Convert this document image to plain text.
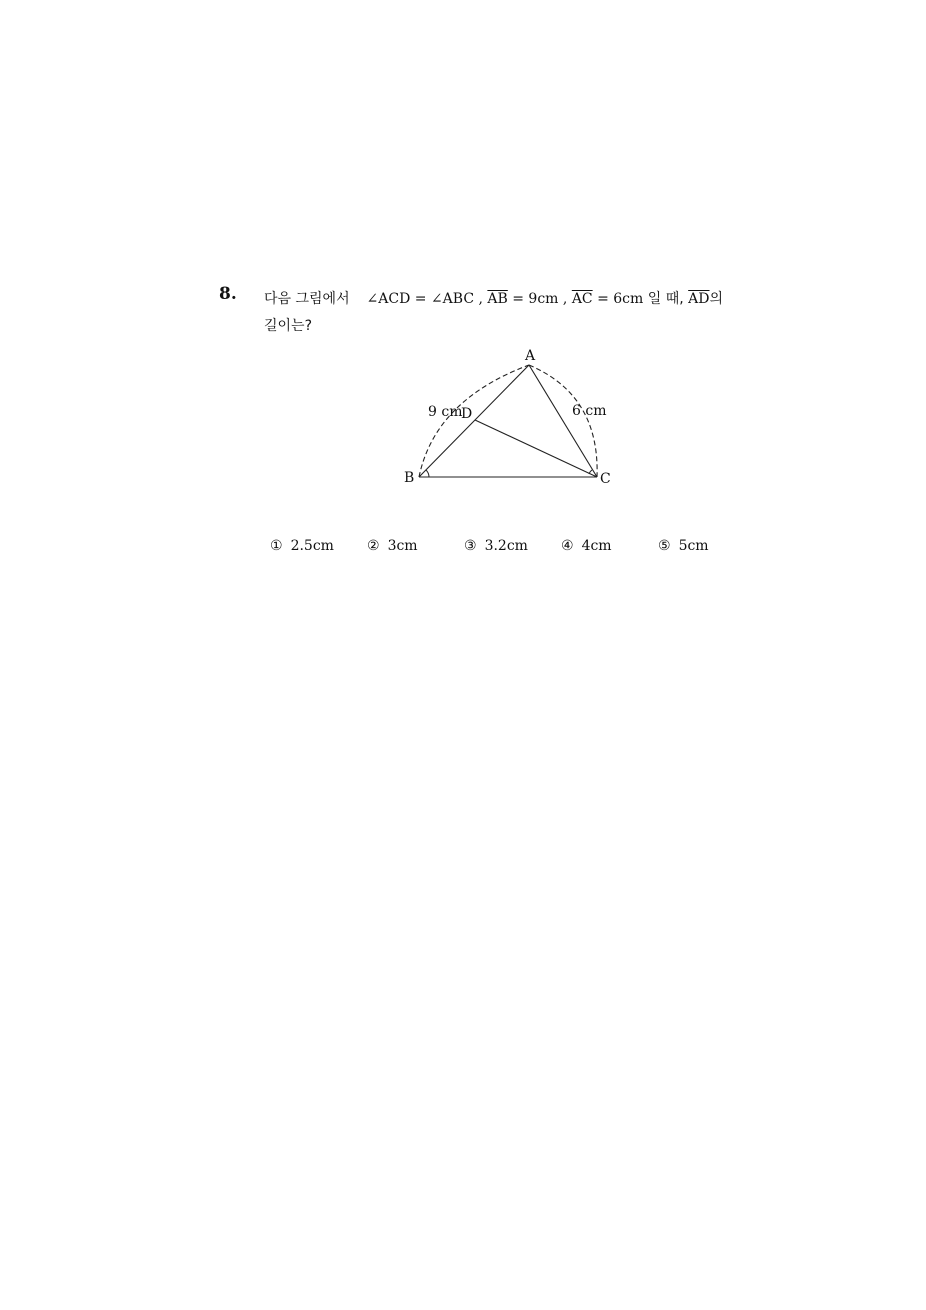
8. 다음 그림에서 ∠ACD = ∠ABC , $\overline{AB} = 9cm$ , $\overline{AC} = 6cm$ 일 때, $\overline{AD}$의
길이는?
A
B	C
D
9 cm	6 cm
① 2.5cm ② 3cm	③ 3.2cm ④ 4cm	⑤ 5cm
